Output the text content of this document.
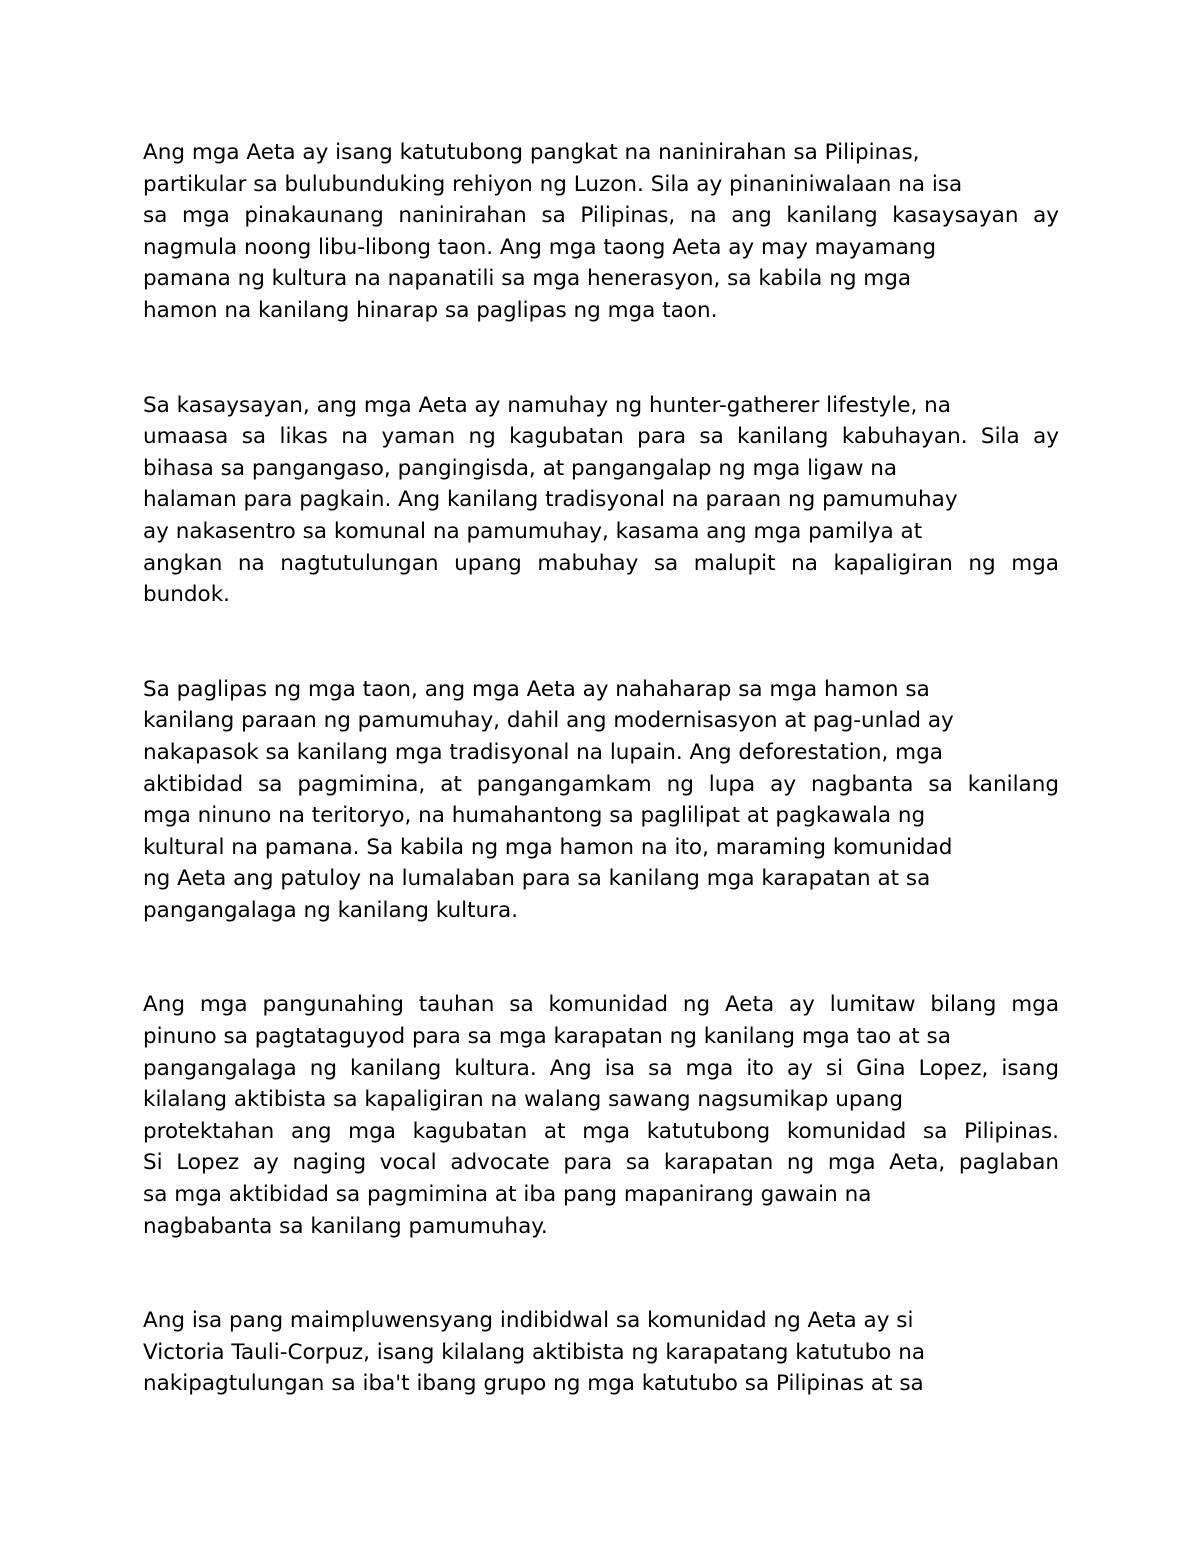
Ang mga Aeta ay isang katutubong pangkat na naninirahan sa Pilipinas,
partikular sa bulubunduking rehiyon ng Luzon. Sila ay pinaniniwalaan na isa
sa mga pinakaunang naninirahan sa Pilipinas, na ang kanilang kasaysayan ay
nagmula noong libu-libong taon. Ang mga taong Aeta ay may mayamang
pamana ng kultura na napanatili sa mga henerasyon, sa kabila ng mga
hamon na kanilang hinarap sa paglipas ng mga taon.

Sa kasaysayan, ang mga Aeta ay namuhay ng hunter-gatherer lifestyle, na
umaasa sa likas na yaman ng kagubatan para sa kanilang kabuhayan. Sila ay
bihasa sa pangangaso, pangingisda, at pangangalap ng mga ligaw na
halaman para pagkain. Ang kanilang tradisyonal na paraan ng pamumuhay
ay nakasentro sa komunal na pamumuhay, kasama ang mga pamilya at
angkan na nagtutulungan upang mabuhay sa malupit na kapaligiran ng mga
bundok.

Sa paglipas ng mga taon, ang mga Aeta ay nahaharap sa mga hamon sa
kanilang paraan ng pamumuhay, dahil ang modernisasyon at pag-unlad ay
nakapasok sa kanilang mga tradisyonal na lupain. Ang deforestation, mga
aktibidad sa pagmimina, at pangangamkam ng lupa ay nagbanta sa kanilang
mga ninuno na teritoryo, na humahantong sa paglilipat at pagkawala ng
kultural na pamana. Sa kabila ng mga hamon na ito, maraming komunidad
ng Aeta ang patuloy na lumalaban para sa kanilang mga karapatan at sa
pangangalaga ng kanilang kultura.

Ang mga pangunahing tauhan sa komunidad ng Aeta ay lumitaw bilang mga
pinuno sa pagtataguyod para sa mga karapatan ng kanilang mga tao at sa
pangangalaga ng kanilang kultura. Ang isa sa mga ito ay si Gina Lopez, isang
kilalang aktibista sa kapaligiran na walang sawang nagsumikap upang
protektahan ang mga kagubatan at mga katutubong komunidad sa Pilipinas.
Si Lopez ay naging vocal advocate para sa karapatan ng mga Aeta, paglaban
sa mga aktibidad sa pagmimina at iba pang mapanirang gawain na
nagbabanta sa kanilang pamumuhay.

Ang isa pang maimpluwensyang indibidwal sa komunidad ng Aeta ay si
Victoria Tauli-Corpuz, isang kilalang aktibista ng karapatang katutubo na
nakipagtulungan sa iba't ibang grupo ng mga katutubo sa Pilipinas at sa
